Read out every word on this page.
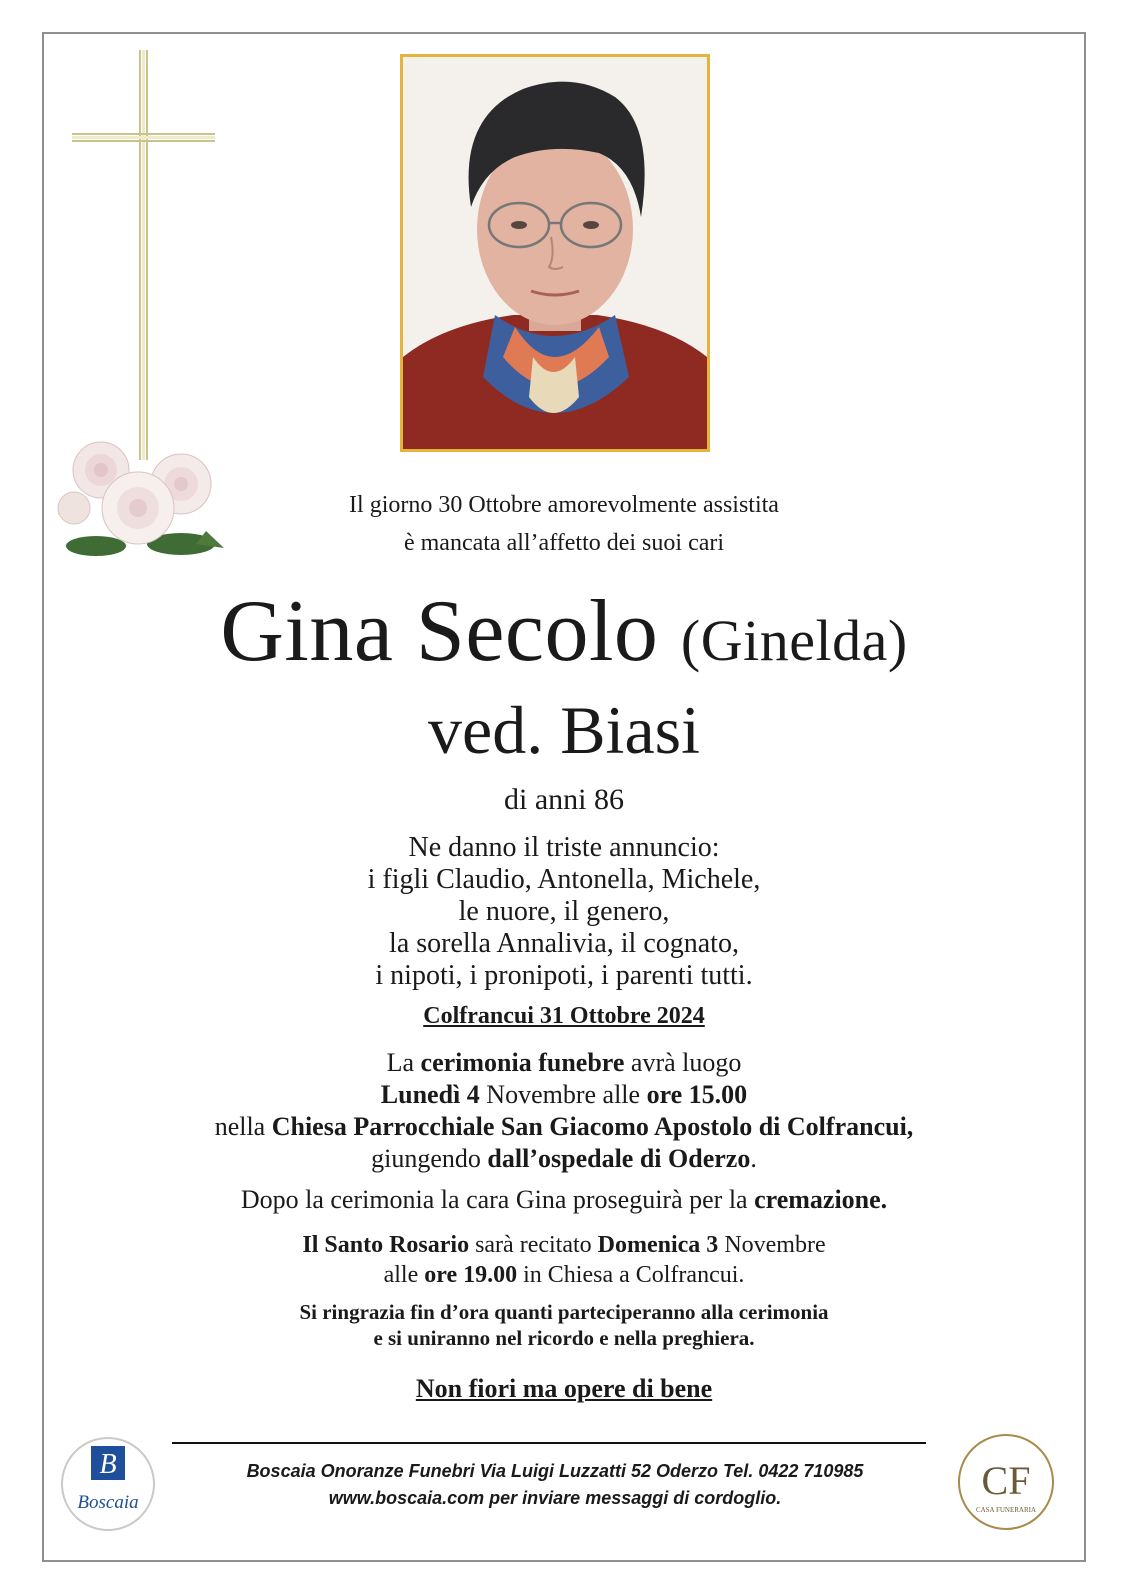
Il giorno 30 Ottobre amorevolmente assistita
è mancata all’affetto dei suoi cari
Gina Secolo (Ginelda)
ved. Biasi
di anni 86
Ne danno il triste annuncio:
i figli Claudio, Antonella, Michele,
le nuore, il genero,
la sorella Annalivia, il cognato,
i nipoti, i pronipoti, i parenti tutti.
Colfrancui 31 Ottobre 2024
La cerimonia funebre avrà luogo
Lunedì 4 Novembre alle ore 15.00
nella Chiesa Parrocchiale San Giacomo Apostolo di Colfrancui,
giungendo dall’ospedale di Oderzo.
Dopo la cerimonia la cara Gina proseguirà per la cremazione.
Il Santo Rosario sarà recitato Domenica 3 Novembre
alle ore 19.00 in Chiesa a Colfrancui.
Si ringrazia fin d’ora quanti parteciperanno alla cerimonia
e si uniranno nel ricordo e nella preghiera.
Non fiori ma opere di bene
B
Boscaia
Boscaia Onoranze Funebri Via Luigi Luzzatti 52 Oderzo Tel. 0422 710985
www.boscaia.com per inviare messaggi di cordoglio.	CF
CASA FUNERARIA
